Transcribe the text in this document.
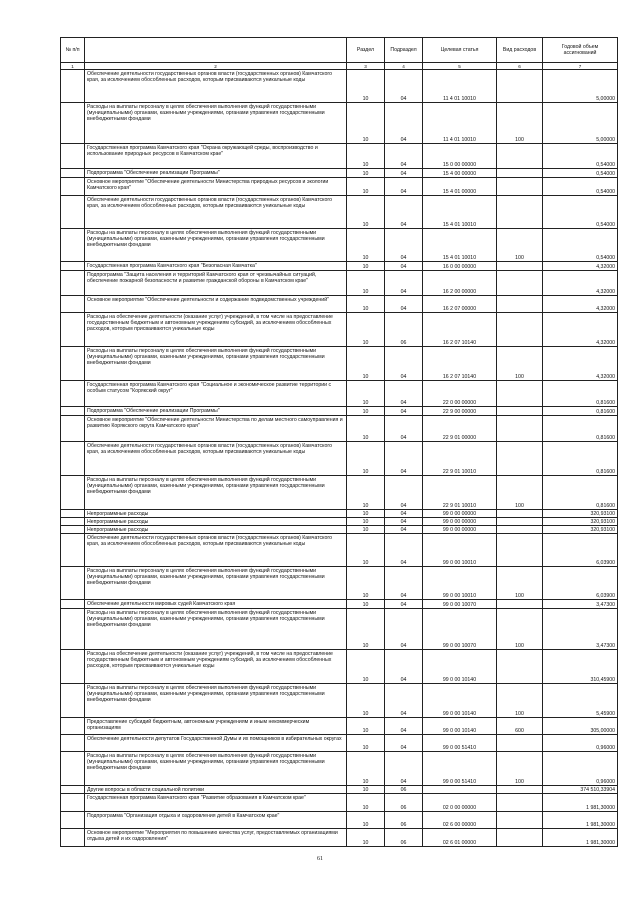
№ п/п		Раздел	Подраздел	Целевая статья	Вид расходов	Годовой объем ассигнований
1	2	3	4	5	6	7
	Обеспечение деятельности государственных органов власти (государственных органов) Камчатского края, за исключением обособленных расходов, которым присваиваются уникальные коды	10	04	11 4 01 10010		5,00000
	Расходы на выплаты персоналу в целях обеспечения выполнения функций государственными (муниципальными) органами, казенными учреждениями, органами управления государственными внебюджетными фондами	10	04	11 4 01 10010	100	5,00000
	Государственная программа Камчатского края "Охрана окружающей среды, воспроизводство и использование природных ресурсов в Камчатском крае"	10	04	15 0 00 00000		0,54000
	Подпрограмма "Обеспечение реализации Программы"	10	04	15 4 00 00000		0,54000
	Основное мероприятие "Обеспечение деятельности Министерства природных ресурсов и экологии Камчатского края"	10	04	15 4 01 00000		0,54000
	Обеспечение деятельности государственных органов власти (государственных органов) Камчатского края, за исключением обособленных расходов, которым присваиваются уникальные коды	10	04	15 4 01 10010		0,54000
	Расходы на выплаты персоналу в целях обеспечения выполнения функций государственными (муниципальными) органами, казенными учреждениями, органами управления государственными внебюджетными фондами	10	04	15 4 01 10010	100	0,54000
	Государственная программа Камчатского края "Безопасная Камчатка"	10	04	16 0 00 00000		4,32000
	Подпрограмма "Защита населения и территорий Камчатского края от чрезвычайных ситуаций, обеспечение пожарной безопасности и развитие гражданской обороны в Камчатском крае"	10	04	16 2 00 00000		4,32000
	Основное мероприятие "Обеспечение деятельности и содержание подведомственных учреждений"	10	04	16 2 07 00000		4,32000
	Расходы на обеспечение деятельности (оказание услуг) учреждений, в том числе на предоставление государственным бюджетным и автономным учреждениям субсидий, за исключением обособленных расходов, которым присваиваются уникальные коды	10	06	16 2 07 10140		4,32000
	Расходы на выплаты персоналу в целях обеспечения выполнения функций государственными (муниципальными) органами, казенными учреждениями, органами управления государственными внебюджетными фондами	10	04	16 2 07 10140	100	4,32000
	Государственная программа Камчатского края "Социальное и экономическое развитие территории с особым статусом "Корякский округ"	10	04	22 0 00 00000		0,81600
	Подпрограмма "Обеспечение реализации Программы"	10	04	22 9 00 00000		0,81600
	Основное мероприятие "Обеспечение деятельности Министерства по делам местного самоуправления и развитию Корякского округа Камчатского края"	10	04	22 9 01 00000		0,81600
	Обеспечение деятельности государственных органов власти (государственных органов) Камчатского края, за исключением обособленных расходов, которым присваиваются уникальные коды	10	04	22 9 01 10010		0,81600
	Расходы на выплаты персоналу в целях обеспечения выполнения функций государственными (муниципальными) органами, казенными учреждениями, органами управления государственными внебюджетными фондами	10	04	22 9 01 10010	100	0,81600
	Непрограммные расходы	10	04	99 0 00 00000		320,93100
	Непрограммные расходы	10	04	99 0 00 00000		320,93100
	Непрограммные расходы	10	04	99 0 00 00000		320,93100
	Обеспечение деятельности государственных органов власти (государственных органов) Камчатского края, за исключением обособленных расходов, которым присваиваются уникальные коды	10	04	99 0 00 10010		6,03900
	Расходы на выплаты персоналу в целях обеспечения выполнения функций государственными (муниципальными) органами, казенными учреждениями, органами управления государственными внебюджетными фондами	10	04	99 0 00 10010	100	6,03900
	Обеспечение деятельности мировых судей Камчатского края	10	04	99 0 00 10070		3,47300
	Расходы на выплаты персоналу в целях обеспечения выполнения функций государственными (муниципальными) органами, казенными учреждениями, органами управления государственными внебюджетными фондами	10	04	99 0 00 10070	100	3,47300
	Расходы на обеспечение деятельности (оказание услуг) учреждений, в том числе на предоставление государственным бюджетным и автономным учреждениям субсидий, за исключением обособленных расходов, которым присваиваются уникальные коды	10	04	99 0 00 10140		310,45900
	Расходы на выплаты персоналу в целях обеспечения выполнения функций государственными (муниципальными) органами, казенными учреждениями, органами управления государственными внебюджетными фондами	10	04	99 0 00 10140	100	5,45900
	Предоставление субсидий бюджетным, автономным учреждениям и иным некоммерческим организациям	10	04	99 0 00 10140	600	305,00000
	Обеспечение деятельности депутатов Государственной Думы и их помощников в избирательных округах	10	04	99 0 00 51410		0,96000
	Расходы на выплаты персоналу в целях обеспечения выполнения функций государственными (муниципальными) органами, казенными учреждениями, органами управления государственными внебюджетными фондами	10	04	99 0 00 51410	100	0,96000
	Другие вопросы в области социальной политики	10	06			374 510,33904
	Государственная программа Камчатского края "Развитие образования в Камчатском крае"	10	06	02 0 00 00000		1 981,30000
	Подпрограмма "Организация отдыха и оздоровления детей в Камчатском крае"	10	06	02 6 00 00000		1 981,30000
	Основное мероприятие "Мероприятия по повышению качества услуг, предоставляемых организациями отдыха детей и их оздоровления"	10	06	02 6 01 00000		1 981,30000
61
